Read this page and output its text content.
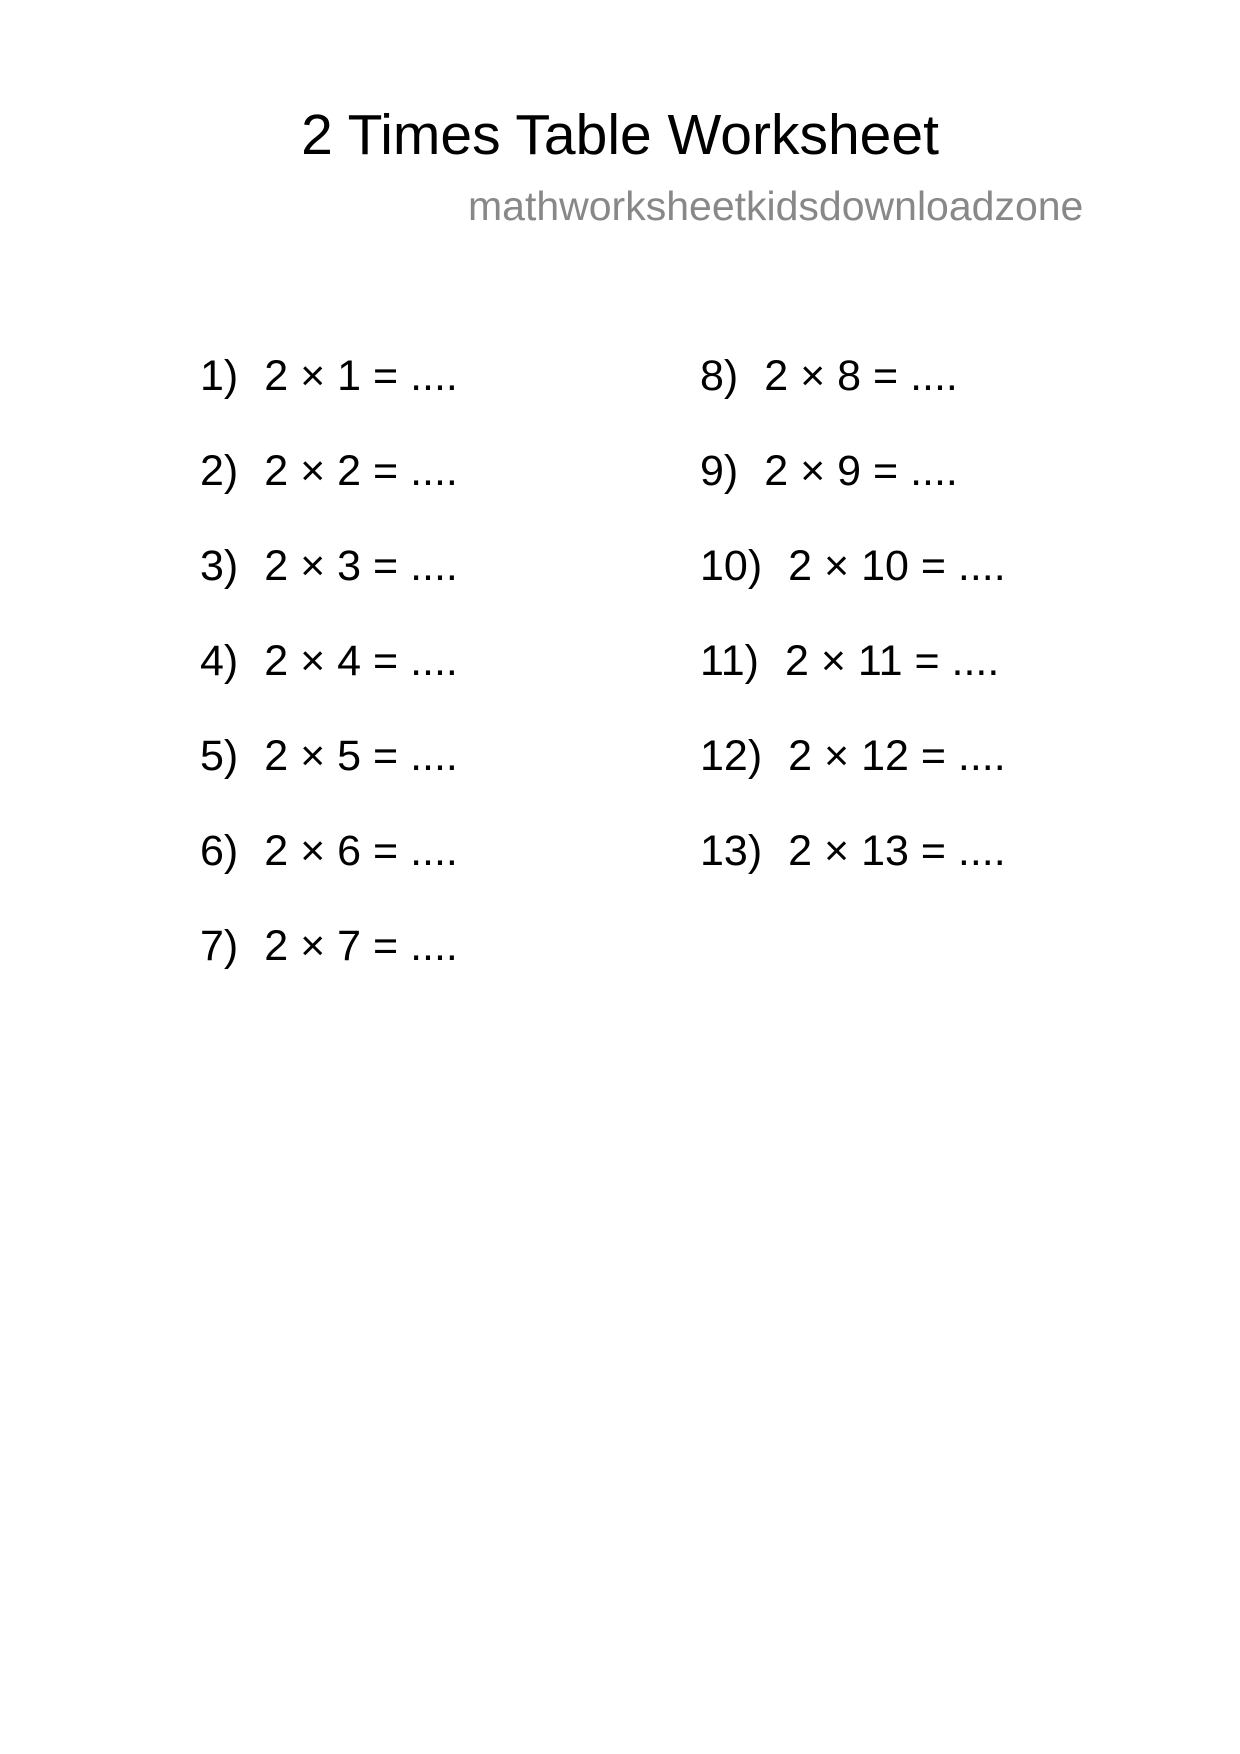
2 Times Table Worksheet
mathworksheetkidsdownloadzone
1) 2 × 1 = ....
2) 2 × 2 = ....
3) 2 × 3 = ....
4) 2 × 4 = ....
5) 2 × 5 = ....
6) 2 × 6 = ....
7) 2 × 7 = ....
8) 2 × 8 = ....
9) 2 × 9 = ....
10) 2 × 10 = ....
11) 2 × 11 = ....
12) 2 × 12 = ....
13) 2 × 13 = ....
